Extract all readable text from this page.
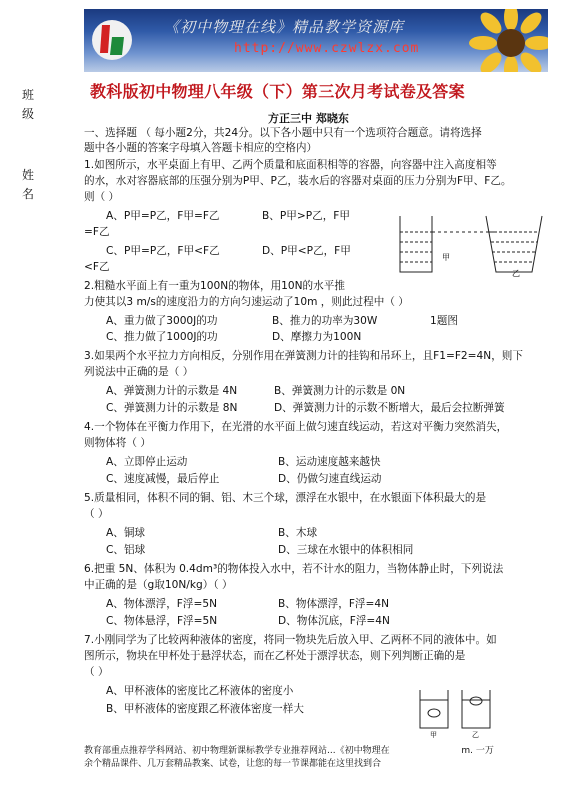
《初中物理在线》精品教学资源库
http://www.czwlzx.com
班级
姓名
教科版初中物理八年级（下）第三次月考试卷及答案
方正三中 郑晓东
一、选择题 （ 每小题2分，共24分。以下各小题中只有一个选项符合题意。请将选择
题中各小题的答案字母填入答题卡相应的空格内）
1.如图所示，水平桌面上有甲、乙两个质量和底面积相等的容器，向容器中注入高度相等
的水，水对容器底部的压强分别为P甲、P乙，装水后的容器对桌面的压力分别为F甲、F乙。
则（ ）
A、P甲=P乙，F甲=F乙	B、P甲>P乙，F甲
=F乙
C、P甲=P乙，F甲<F乙	D、P甲<P乙，F甲
<F乙
甲
乙
2.粗糙水平面上有一重为100N的物体，用10N的水平推
力使其以3 m/s的速度沿力的方向匀速运动了10m ，则此过程中（ ）
A、重力做了3000J的功	B、推力的功率为30W	1题图
C、推力做了1000J的功	D、摩擦力为100N
3.如果两个水平拉力方向相反，分别作用在弹簧测力计的挂钩和吊环上，且F1=F2=4N，则下
列说法中正确的是（ ）
A、弹簧测力计的示数是 4N	B、弹簧测力计的示数是 0N
C、弹簧测力计的示数是 8N	D、弹簧测力计的示数不断增大，最后会拉断弹簧
4.一个物体在平衡力作用下，在光滑的水平面上做匀速直线运动，若这对平衡力突然消失，
则物体将（ ）
A、立即停止运动	B、运动速度越来越快
C、速度减慢，最后停止	D、仍做匀速直线运动
5.质量相同，体积不同的铜、铝、木三个球，漂浮在水银中，在水银面下体积最大的是
（ ）
A、铜球	B、木球
C、铝球	D、三球在水银中的体积相同
6.把重 5N、体积为 0.4dm³的物体投入水中，若不计水的阻力，当物体静止时，下列说法
中正确的是（g取10N/kg）（ ）
A、物体漂浮，F浮=5N	B、物体漂浮，F浮=4N
C、物体悬浮，F浮=5N	D、物体沉底，F浮=4N
7.小刚同学为了比较两种液体的密度，将同一物块先后放入甲、乙两杯不同的液体中。如
图所示，物块在甲杯处于悬浮状态，而在乙杯处于漂浮状态，则下列判断正确的是
（ ）
A、甲杯液体的密度比乙杯液体的密度小
B、甲杯液体的密度跟乙杯液体密度一样大
甲	乙
教育部重点推荐学科网站、初中物理新课标教学专业推荐网站...《初中物理在	m. 一万
余个精品课件、几万套精品教案、试卷，让您的每一节课都能在这里找到合
